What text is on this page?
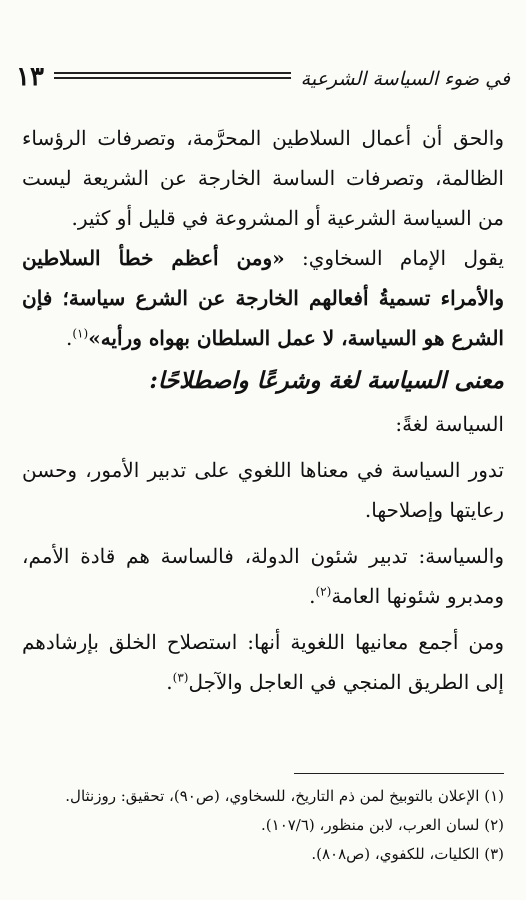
في ضوء السياسة الشرعية
١٣

والحق أن أعمال السلاطين المحرَّمة، وتصرفات الرؤساء الظالمة، وتصرفات الساسة الخارجة عن الشريعة ليست من السياسة الشرعية أو المشروعة في قليل أو كثير.

يقول الإمام السخاوي: «ومن أعظم خطأ السلاطين والأمراء تسميةُ أفعالهم الخارجة عن الشرع سياسة؛ فإن الشرع هو السياسة، لا عمل السلطان بهواه ورأيه»$^{(١)}$.

معنى السياسة لغة وشرعًا واصطلاحًا:

السياسة لغةً:

تدور السياسة في معناها اللغوي على تدبير الأمور، وحسن رعايتها وإصلاحها.

والسياسة: تدبير شئون الدولة، فالساسة هم قادة الأمم، ومدبرو شئونها العامة$^{(٢)}$.

ومن أجمع معانيها اللغوية أنها: استصلاح الخلق بإرشادهم إلى الطريق المنجي في العاجل والآجل$^{(٣)}$.

(١) الإعلان بالتوبيخ لمن ذم التاريخ، للسخاوي، (ص٩٠)، تحقيق: روزنثال.
(٢) لسان العرب، لابن منظور، (١٠٧/٦).
(٣) الكليات، للكفوي، (ص٨٠٨).
